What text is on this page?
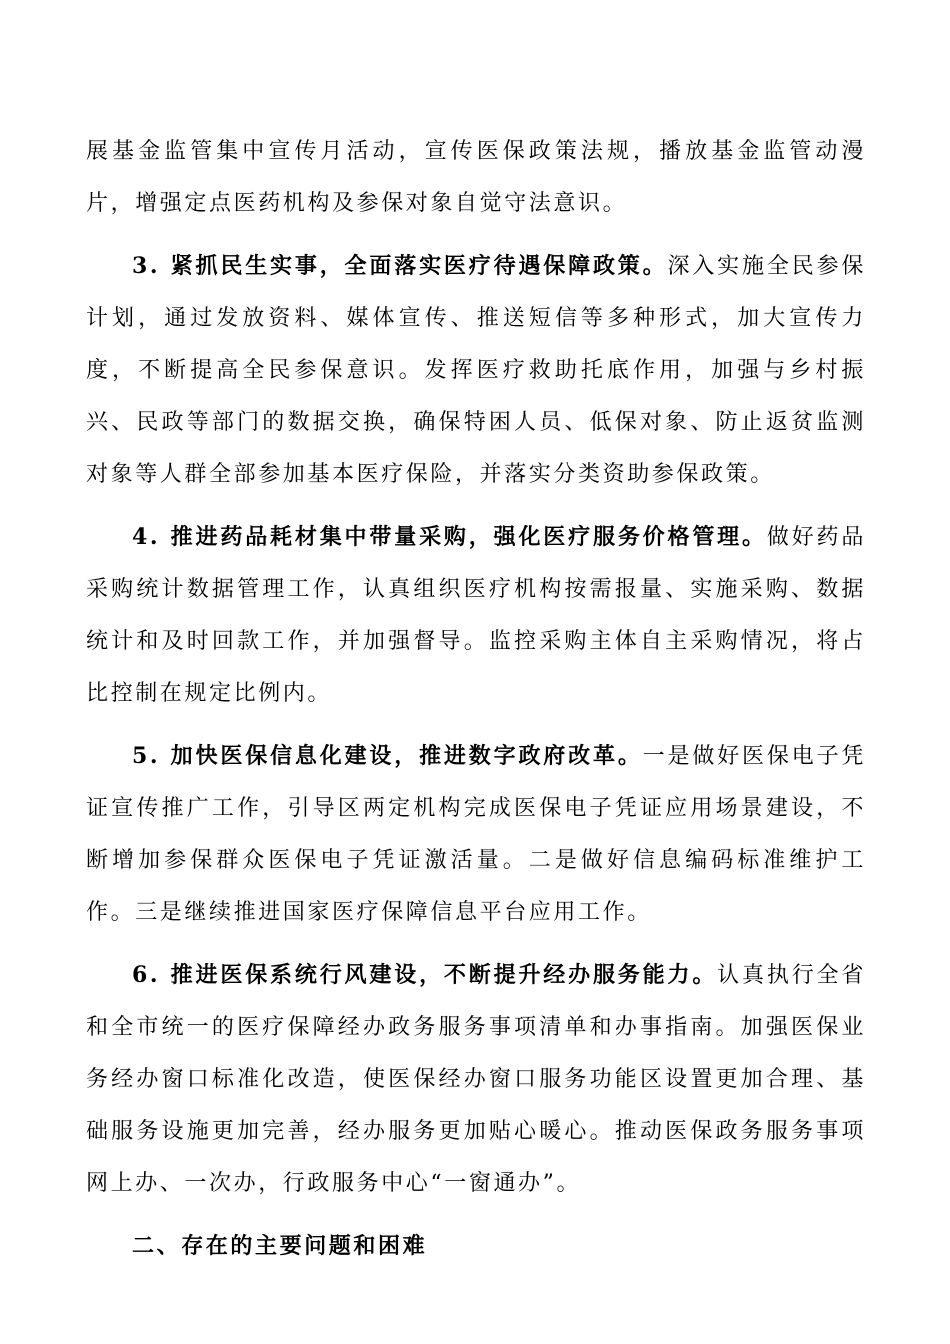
展基金监管集中宣传月活动，宣传医保政策法规，播放基金监管动漫片，增强定点医药机构及参保对象自觉守法意识。

3. 紧抓民生实事，全面落实医疗待遇保障政策。深入实施全民参保计划，通过发放资料、媒体宣传、推送短信等多种形式，加大宣传力度，不断提高全民参保意识。发挥医疗救助托底作用，加强与乡村振兴、民政等部门的数据交换，确保特困人员、低保对象、防止返贫监测对象等人群全部参加基本医疗保险，并落实分类资助参保政策。

4. 推进药品耗材集中带量采购，强化医疗服务价格管理。做好药品采购统计数据管理工作，认真组织医疗机构按需报量、实施采购、数据统计和及时回款工作，并加强督导。监控采购主体自主采购情况，将占比控制在规定比例内。

5. 加快医保信息化建设，推进数字政府改革。一是做好医保电子凭证宣传推广工作，引导区两定机构完成医保电子凭证应用场景建设，不断增加参保群众医保电子凭证激活量。二是做好信息编码标准维护工作。三是继续推进国家医疗保障信息平台应用工作。

6. 推进医保系统行风建设，不断提升经办服务能力。认真执行全省和全市统一的医疗保障经办政务服务事项清单和办事指南。加强医保业务经办窗口标准化改造，使医保经办窗口服务功能区设置更加合理、基础服务设施更加完善，经办服务更加贴心暖心。推动医保政务服务事项网上办、一次办，行政服务中心“一窗通办”。

二、存在的主要问题和困难
